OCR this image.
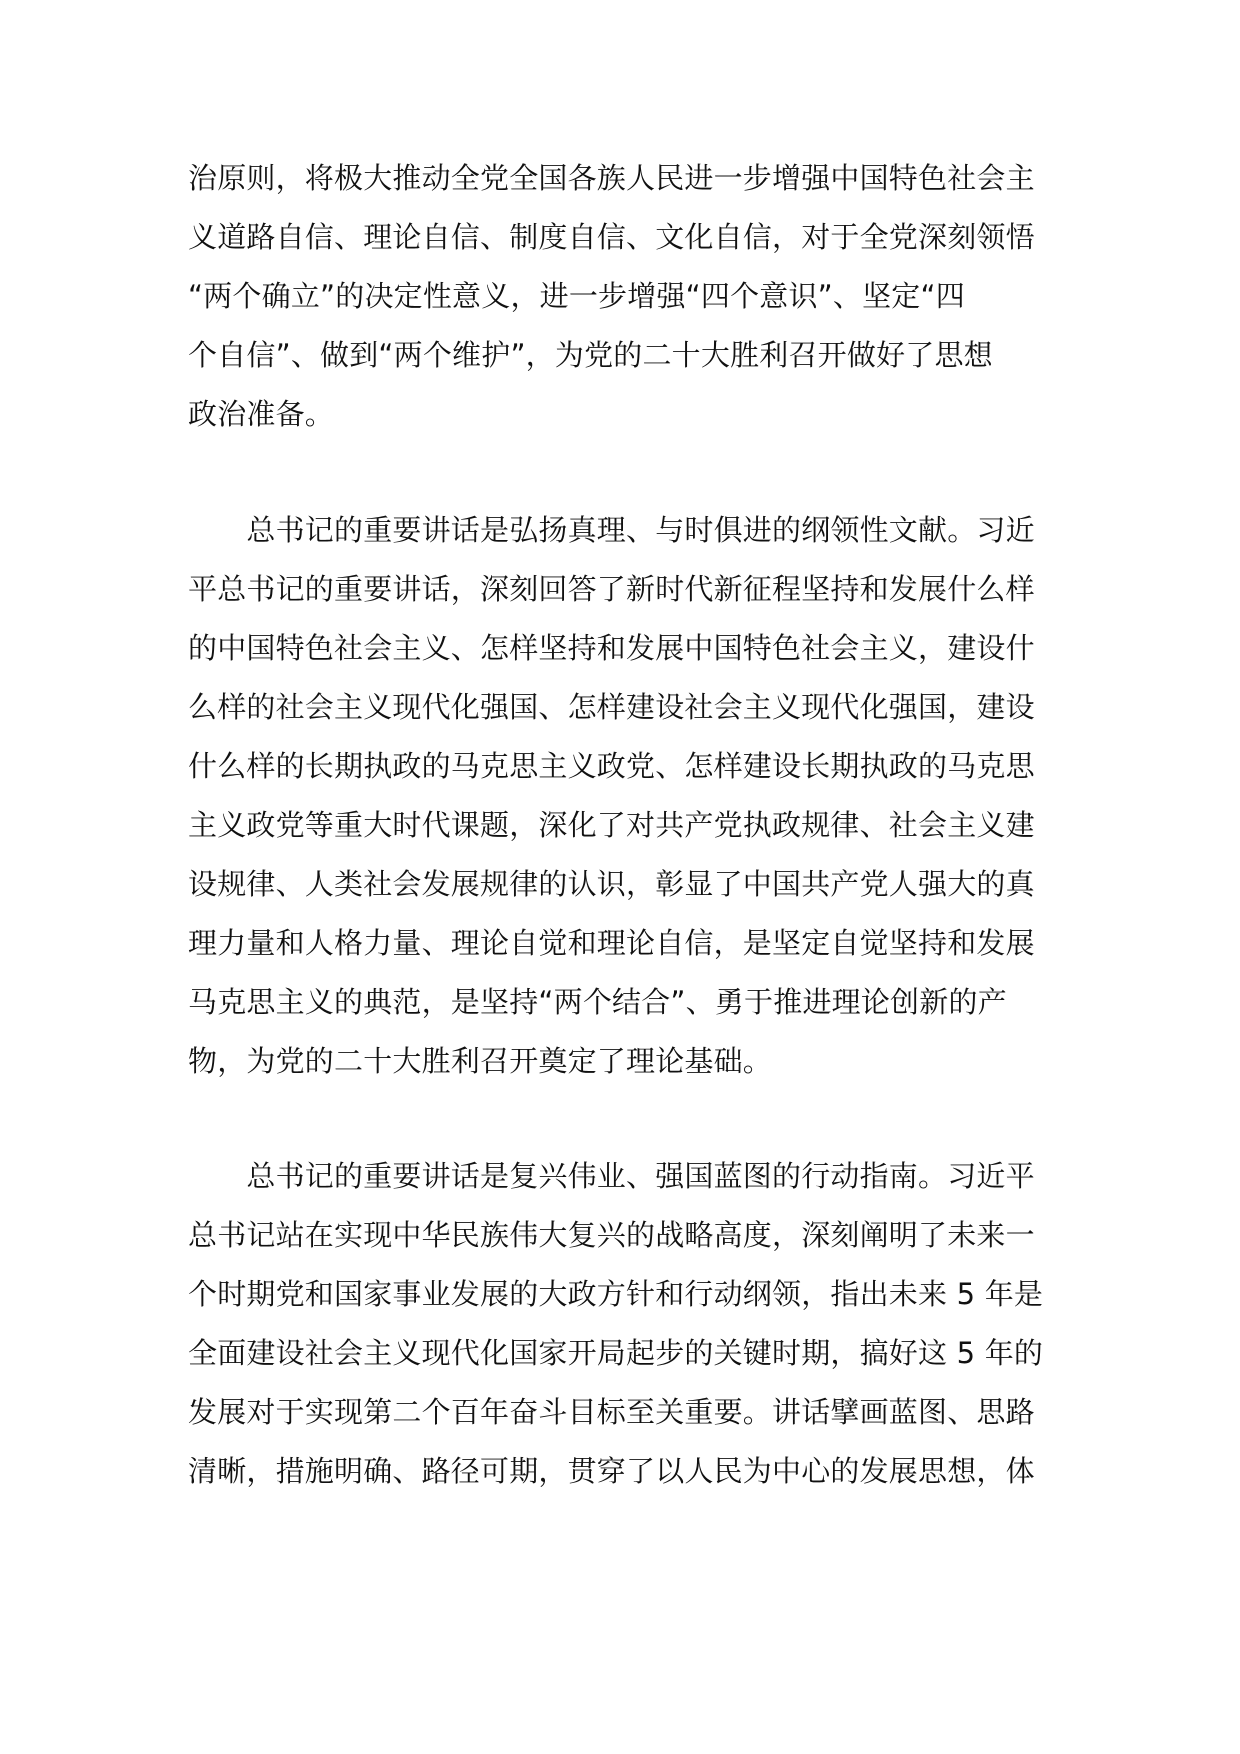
治原则，将极大推动全党全国各族人民进一步增强中国特色社会主
义道路自信、理论自信、制度自信、文化自信，对于全党深刻领悟
“两个确立”的决定性意义，进一步增强“四个意识”、坚定“四
个自信”、做到“两个维护”，为党的二十大胜利召开做好了思想
政治准备。
　　总书记的重要讲话是弘扬真理、与时俱进的纲领性文献。习近
平总书记的重要讲话，深刻回答了新时代新征程坚持和发展什么样
的中国特色社会主义、怎样坚持和发展中国特色社会主义，建设什
么样的社会主义现代化强国、怎样建设社会主义现代化强国，建设
什么样的长期执政的马克思主义政党、怎样建设长期执政的马克思
主义政党等重大时代课题，深化了对共产党执政规律、社会主义建
设规律、人类社会发展规律的认识，彰显了中国共产党人强大的真
理力量和人格力量、理论自觉和理论自信，是坚定自觉坚持和发展
马克思主义的典范，是坚持“两个结合”、勇于推进理论创新的产
物，为党的二十大胜利召开奠定了理论基础。
　　总书记的重要讲话是复兴伟业、强国蓝图的行动指南。习近平
总书记站在实现中华民族伟大复兴的战略高度，深刻阐明了未来一
个时期党和国家事业发展的大政方针和行动纲领，指出未来 5 年是
全面建设社会主义现代化国家开局起步的关键时期，搞好这 5 年的
发展对于实现第二个百年奋斗目标至关重要。讲话擘画蓝图、思路
清晰，措施明确、路径可期，贯穿了以人民为中心的发展思想，体
